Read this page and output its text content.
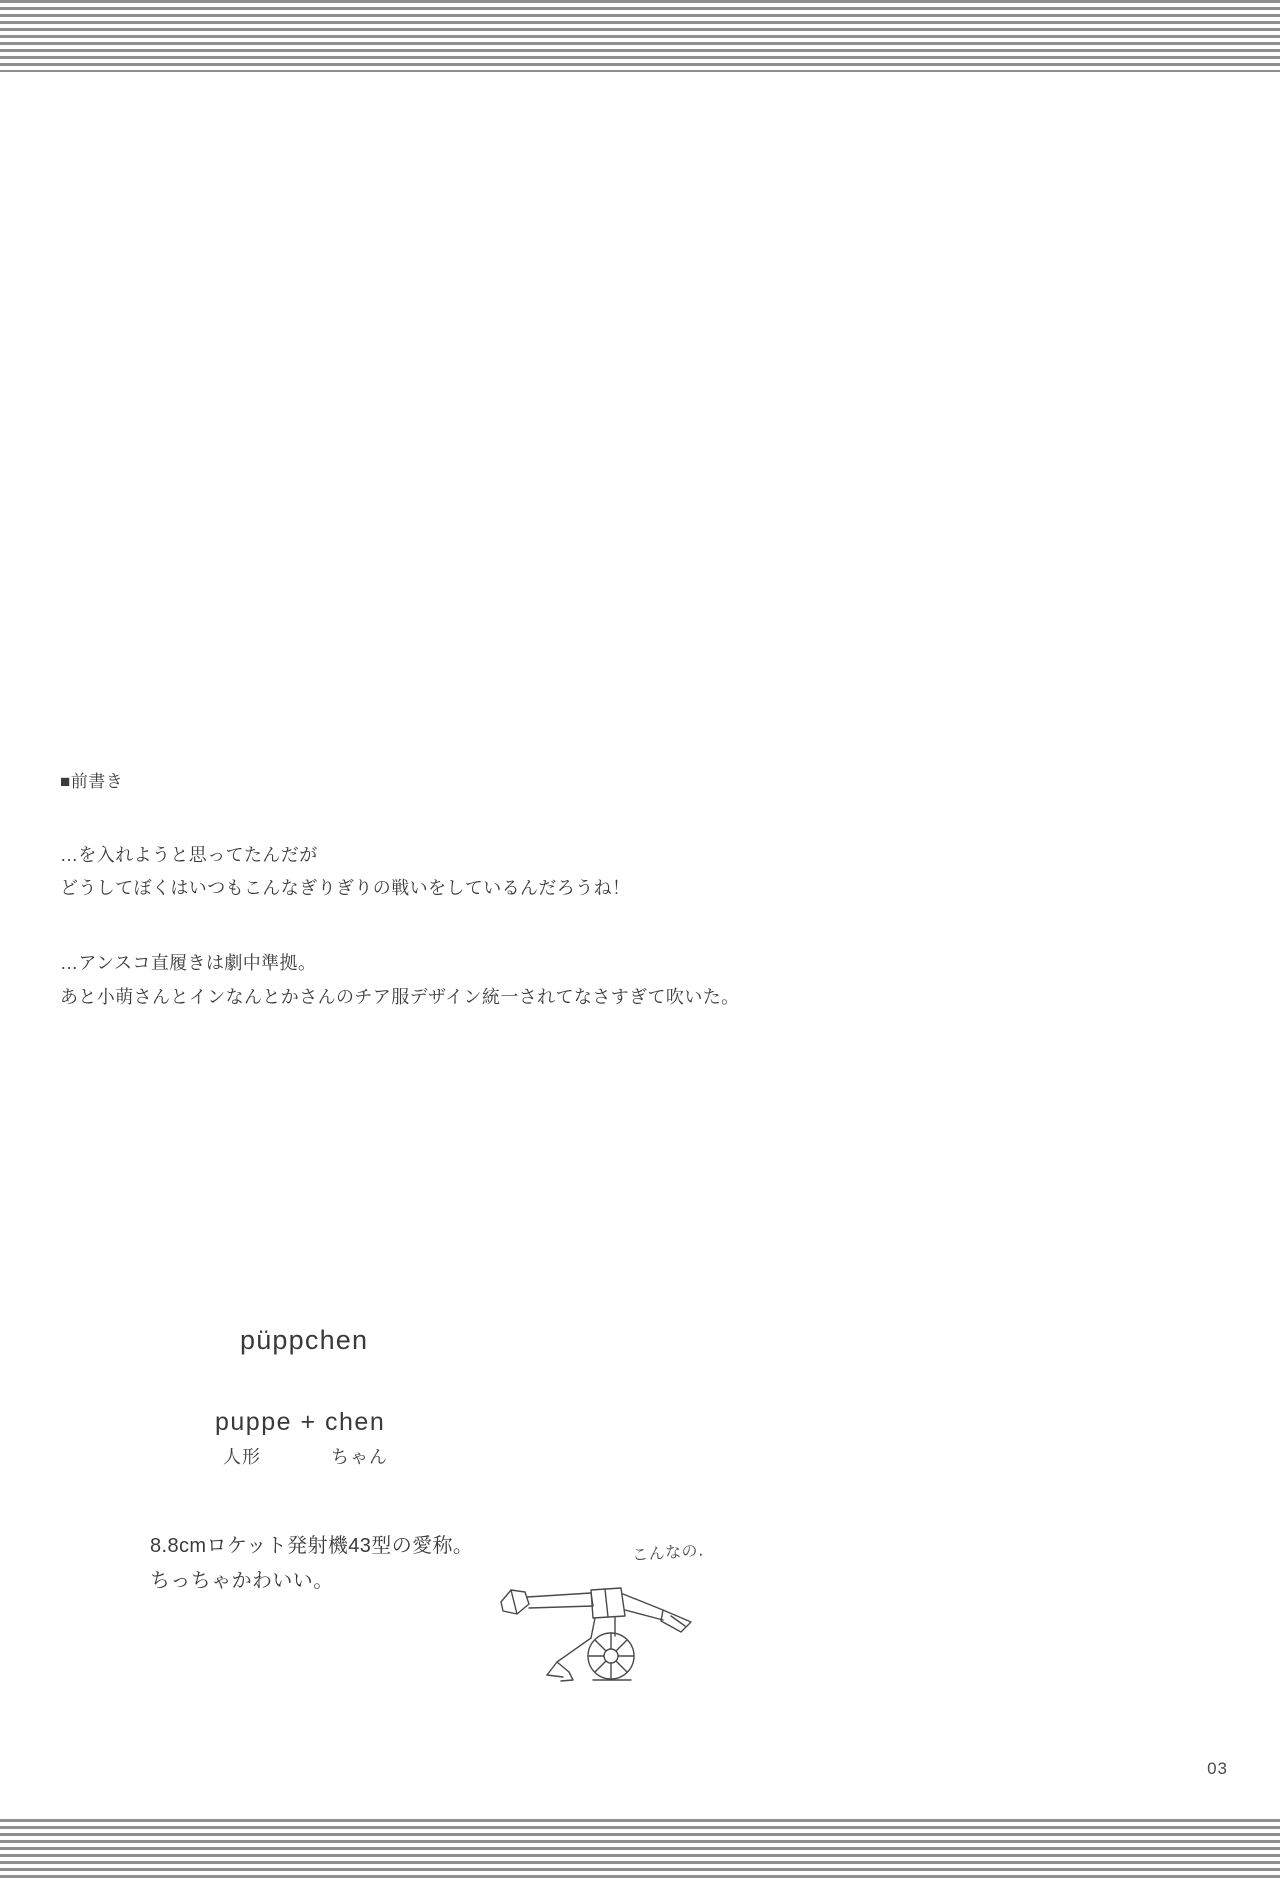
■前書き
…を入れようと思ってたんだが
どうしてぼくはいつもこんなぎりぎりの戦いをしているんだろうね！
…アンスコ直履きは劇中準拠。
あと小萌さんとインなんとかさんのチア服デザイン統一されてなさすぎて吹いた。
püppchen
puppe + chen
人形	ちゃん
8.8cmロケット発射機43型の愛称。
ちっちゃかわいい。
こんなの.
03
